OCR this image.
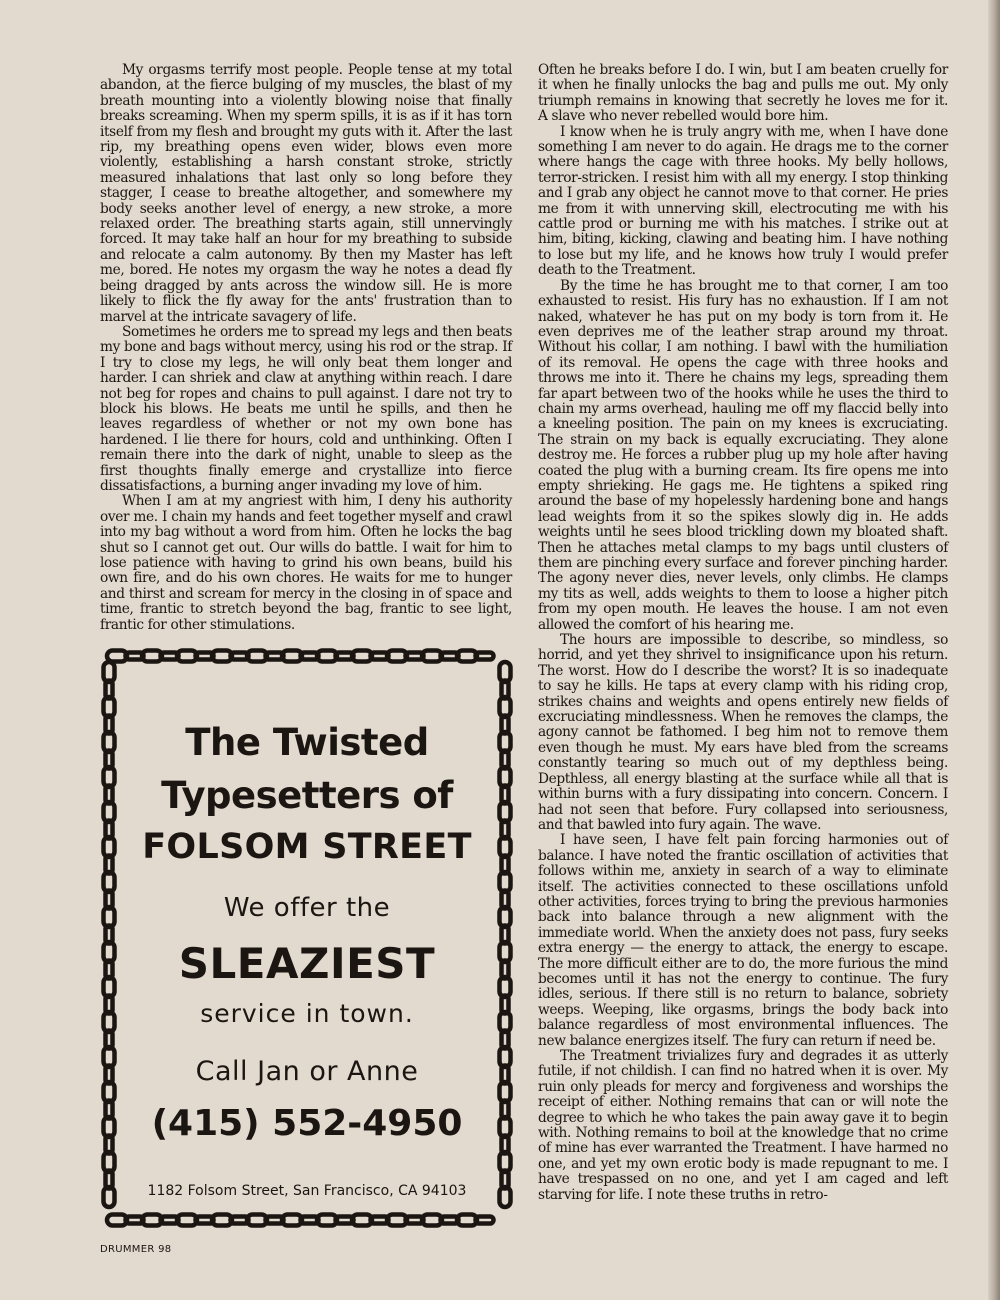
My orgasms terrify most people. People tense at my total abandon, at the fierce bulging of my muscles, the blast of my breath mounting into a violently blowing noise that finally breaks screaming. When my sperm spills, it is as if it has torn itself from my flesh and brought my guts with it. After the last rip, my breathing opens even wider, blows even more violently, establishing a harsh constant stroke, strictly measured inhalations that last only so long before they stagger, I cease to breathe altogether, and somewhere my body seeks another level of energy, a new stroke, a more relaxed order. The breathing starts again, still unnervingly forced. It may take half an hour for my breathing to subside and relocate a calm autonomy. By then my Master has left me, bored. He notes my orgasm the way he notes a dead fly being dragged by ants across the window sill. He is more likely to flick the fly away for the ants' frustration than to marvel at the intricate savagery of life.

Sometimes he orders me to spread my legs and then beats my bone and bags without mercy, using his rod or the strap. If I try to close my legs, he will only beat them longer and harder. I can shriek and claw at anything within reach. I dare not beg for ropes and chains to pull against. I dare not try to block his blows. He beats me until he spills, and then he leaves regardless of whether or not my own bone has hardened. I lie there for hours, cold and unthinking. Often I remain there into the dark of night, unable to sleep as the first thoughts finally emerge and crystallize into fierce dissatisfactions, a burning anger invading my love of him.

When I am at my angriest with him, I deny his authority over me. I chain my hands and feet together myself and crawl into my bag without a word from him. Often he locks the bag shut so I cannot get out. Our wills do battle. I wait for him to lose patience with having to grind his own beans, build his own fire, and do his own chores. He waits for me to hunger and thirst and scream for mercy in the closing in of space and time, frantic to stretch beyond the bag, frantic to see light, frantic for other stimulations.

Often he breaks before I do. I win, but I am beaten cruelly for it when he finally unlocks the bag and pulls me out. My only triumph remains in knowing that secretly he loves me for it. A slave who never rebelled would bore him.

I know when he is truly angry with me, when I have done something I am never to do again. He drags me to the corner where hangs the cage with three hooks. My belly hollows, terror-stricken. I resist him with all my energy. I stop thinking and I grab any object he cannot move to that corner. He pries me from it with unnerving skill, electrocuting me with his cattle prod or burning me with his matches. I strike out at him, biting, kicking, clawing and beating him. I have nothing to lose but my life, and he knows how truly I would prefer death to the Treatment.

By the time he has brought me to that corner, I am too exhausted to resist. His fury has no exhaustion. If I am not naked, whatever he has put on my body is torn from it. He even deprives me of the leather strap around my throat. Without his collar, I am nothing. I bawl with the humiliation of its removal. He opens the cage with three hooks and throws me into it. There he chains my legs, spreading them far apart between two of the hooks while he uses the third to chain my arms overhead, hauling me off my flaccid belly into a kneeling position. The pain on my knees is excruciating. The strain on my back is equally excruciating. They alone destroy me. He forces a rubber plug up my hole after having coated the plug with a burning cream. Its fire opens me into empty shrieking. He gags me. He tightens a spiked ring around the base of my hopelessly hardening bone and hangs lead weights from it so the spikes slowly dig in. He adds weights until he sees blood trickling down my bloated shaft. Then he attaches metal clamps to my bags until clusters of them are pinching every surface and forever pinching harder. The agony never dies, never levels, only climbs. He clamps my tits as well, adds weights to them to loose a higher pitch from my open mouth. He leaves the house. I am not even allowed the comfort of his hearing me.

The hours are impossible to describe, so mindless, so horrid, and yet they shrivel to insignificance upon his return. The worst. How do I describe the worst? It is so inadequate to say he kills. He taps at every clamp with his riding crop, strikes chains and weights and opens entirely new fields of excruciating mindlessness. When he removes the clamps, the agony cannot be fathomed. I beg him not to remove them even though he must. My ears have bled from the screams constantly tearing so much out of my depthless being. Depthless, all energy blasting at the surface while all that is within burns with a fury dissipating into concern. Concern. I had not seen that before. Fury collapsed into seriousness, and that bawled into fury again. The wave.

I have seen, I have felt pain forcing harmonies out of balance. I have noted the frantic oscillation of activities that follows within me, anxiety in search of a way to eliminate itself. The activities connected to these oscillations unfold other activities, forces trying to bring the previous harmonies back into balance through a new alignment with the immediate world. When the anxiety does not pass, fury seeks extra energy — the energy to attack, the energy to escape. The more difficult either are to do, the more furious the mind becomes until it has not the energy to continue. The fury idles, serious. If there still is no return to balance, sobriety weeps. Weeping, like orgasms, brings the body back into balance regardless of most environmental influences. The new balance energizes itself. The fury can return if need be.

The Treatment trivializes fury and degrades it as utterly futile, if not childish. I can find no hatred when it is over. My ruin only pleads for mercy and forgiveness and worships the receipt of either. Nothing remains that can or will note the degree to which he who takes the pain away gave it to begin with. Nothing remains to boil at the knowledge that no crime of mine has ever warranted the Treatment. I have harmed no one, and yet my own erotic body is made repugnant to me. I have trespassed on no one, and yet I am caged and left starving for life. I note these truths in retro-

The Twisted
Typesetters of
FOLSOM STREET
We offer the
SLEAZIEST
service in town.
Call Jan or Anne
(415) 552-4950
1182 Folsom Street, San Francisco, CA 94103
DRUMMER 98
